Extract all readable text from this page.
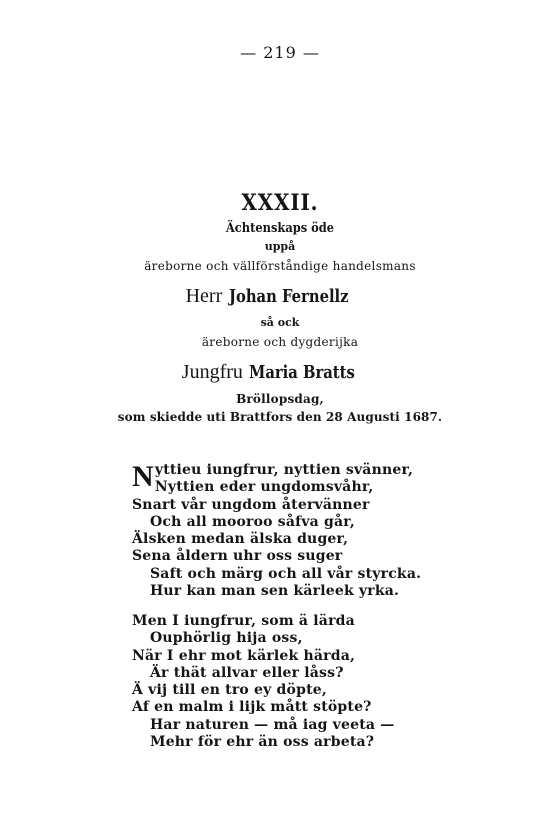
— 219 —
XXXII.
Ächtenskaps öde
uppå
äreborne och vällförståndige handelsmans
Herr Johan Fernellz
så ock
äreborne och dygderijka
Jungfru Maria Bratts
Bröllopsdag,
som skiedde uti Brattfors den 28 Augusti 1687.
N yttieu iungfrur, nyttien svänner,
Nyttien eder ungdomsvåhr,
Snart vår ungdom återvänner
Och all mooroo såfva går,
Älsken medan älska duger,
Sena åldern uhr oss suger
Saft och märg och all vår styrcka.
Hur kan man sen kärleek yrka.
Men I iungfrur, som ä lärda
Ouphörlig hija oss,
När I ehr mot kärlek härda,
Är thät allvar eller låss?
Ä vij till en tro ey döpte,
Af en malm i lijk mått stöpte?
Har naturen — må iag veeta —
Mehr för ehr än oss arbeta?
